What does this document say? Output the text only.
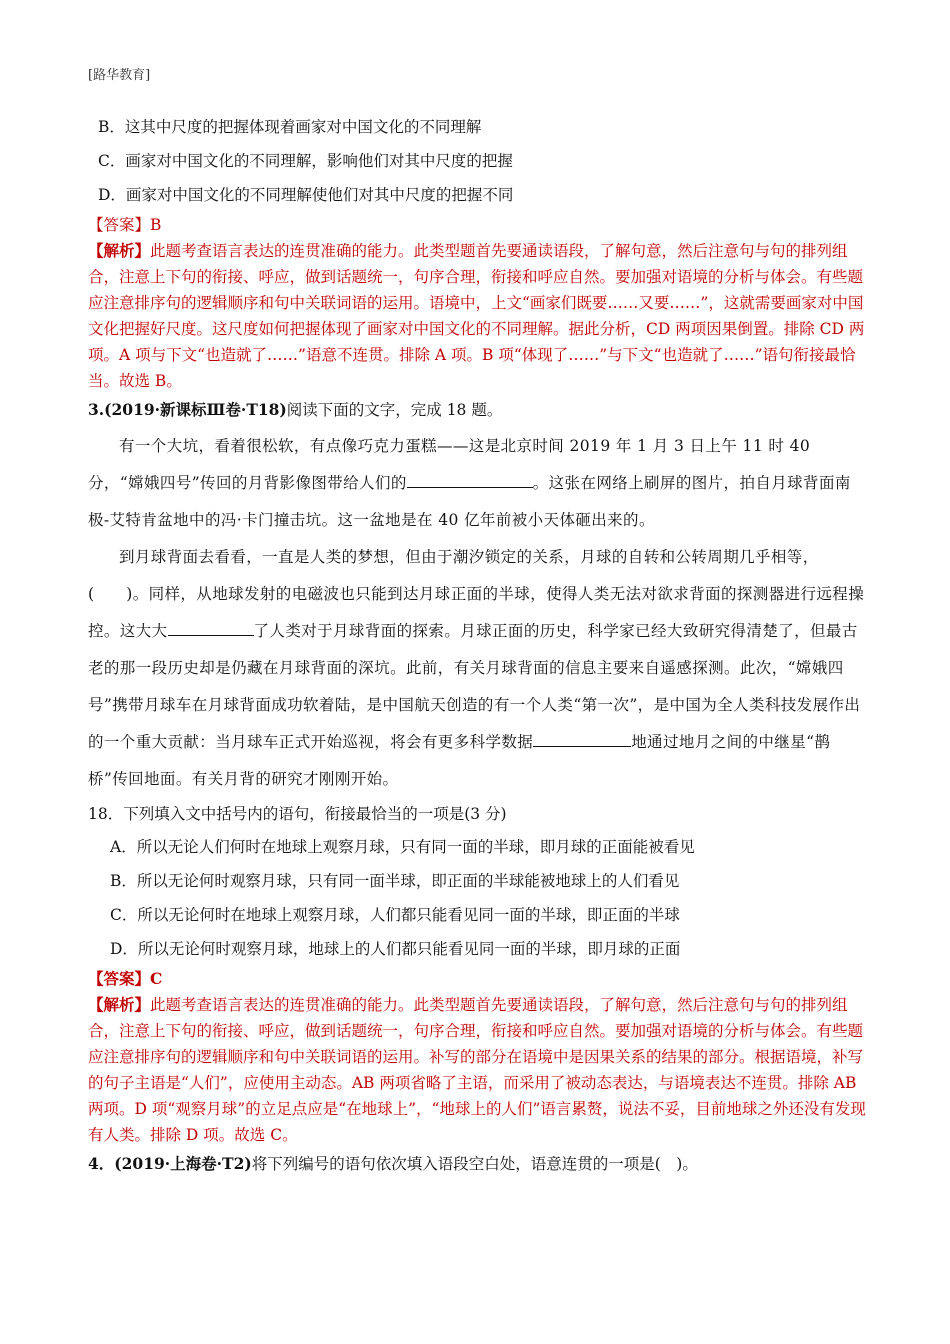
[路华教育]
B．这其中尺度的把握体现着画家对中国文化的不同理解
C．画家对中国文化的不同理解，影响他们对其中尺度的把握
D．画家对中国文化的不同理解使他们对其中尺度的把握不同
【答案】B
【解析】此题考查语言表达的连贯准确的能力。此类型题首先要通读语段，了解句意，然后注意句与句的排列组合，注意上下句的衔接、呼应，做到话题统一，句序合理，衔接和呼应自然。要加强对语境的分析与体会。有些题应注意排序句的逻辑顺序和句中关联词语的运用。语境中，上文“画家们既要……又要……”，这就需要画家对中国文化把握好尺度。这尺度如何把握体现了画家对中国文化的不同理解。据此分析，CD 两项因果倒置。排除 CD 两项。A 项与下文“也造就了……”语意不连贯。排除 A 项。B 项“体现了……”与下文“也造就了……”语句衔接最恰当。故选 B。
3.(2019·新课标Ⅲ卷·T18)阅读下面的文字，完成 18 题。

有一个大坑，看着很松软，有点像巧克力蛋糕——这是北京时间 2019 年 1 月 3 日上午 11 时 40 分，“嫦娥四号”传回的月背影像图带给人们的	。这张在网络上刷屏的图片，拍自月球背面南极-艾特肯盆地中的冯·卡门撞击坑。这一盆地是在 40 亿年前被小天体砸出来的。

到月球背面去看看，一直是人类的梦想，但由于潮汐锁定的关系，月球的自转和公转周期几乎相等，(　　)。同样，从地球发射的电磁波也只能到达月球正面的半球，使得人类无法对欲求背面的探测器进行远程操控。这大大	了人类对于月球背面的探索。月球正面的历史，科学家已经大致研究得清楚了，但最古老的那一段历史却是仍藏在月球背面的深坑。此前，有关月球背面的信息主要来自遥感探测。此次，“嫦娥四号”携带月球车在月球背面成功软着陆，是中国航天创造的有一个人类“第一次”，是中国为全人类科技发展作出的一个重大贡献：当月球车正式开始巡视，将会有更多科学数据	地通过地月之间的中继星“鹊桥”传回地面。有关月背的研究才刚刚开始。

18．下列填入文中括号内的语句，衔接最恰当的一项是(3 分)
A．所以无论人们何时在地球上观察月球，只有同一面的半球，即月球的正面能被看见
B．所以无论何时观察月球，只有同一面半球，即正面的半球能被地球上的人们看见
C．所以无论何时在地球上观察月球，人们都只能看见同一面的半球，即正面的半球
D．所以无论何时观察月球，地球上的人们都只能看见同一面的半球，即月球的正面
【答案】C
【解析】此题考查语言表达的连贯准确的能力。此类型题首先要通读语段，了解句意，然后注意句与句的排列组合，注意上下句的衔接、呼应，做到话题统一，句序合理，衔接和呼应自然。要加强对语境的分析与体会。有些题应注意排序句的逻辑顺序和句中关联词语的运用。补写的部分在语境中是因果关系的结果的部分。根据语境，补写的句子主语是“人们”，应使用主动态。AB 两项省略了主语，而采用了被动态表达，与语境表达不连贯。排除 AB 两项。D 项“观察月球”的立足点应是“在地球上”，“地球上的人们”语言累赘，说法不妥，目前地球之外还没有发现有人类。排除 D 项。故选 C。
4．(2019·上海卷·T2)将下列编号的语句依次填入语段空白处，语意连贯的一项是(　)。
